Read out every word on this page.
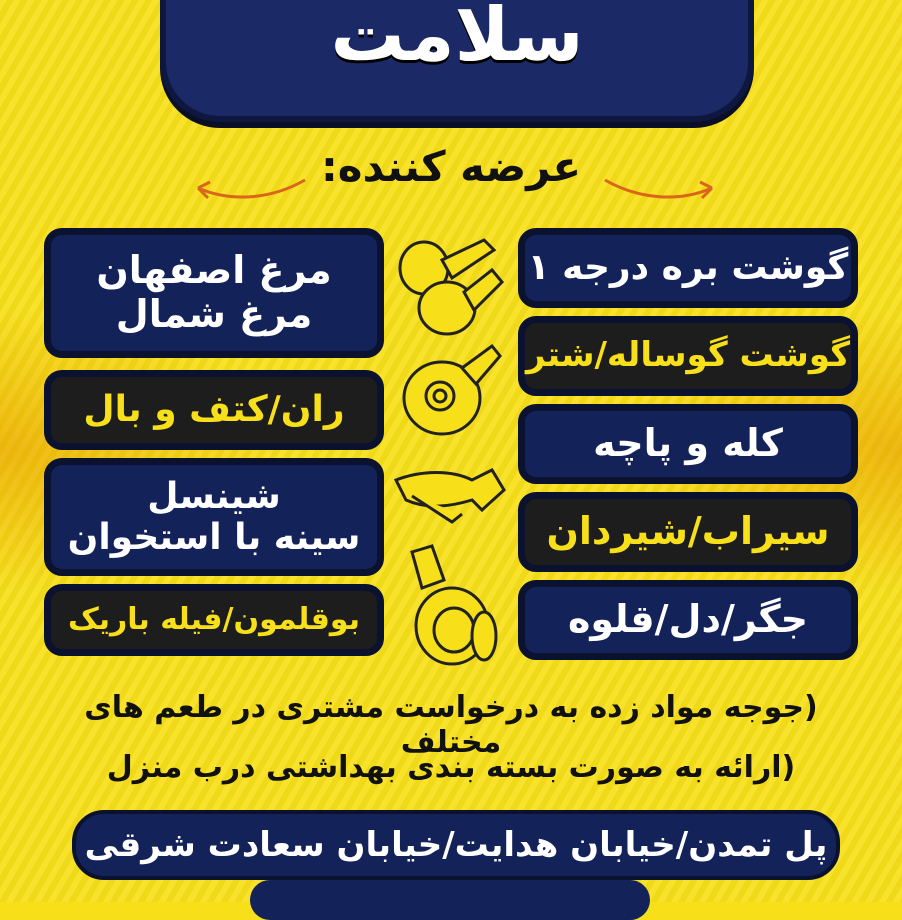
سلامت
عرضه کننده:
گوشت بره درجه ۱
گوشت گوساله/شتر
کله و پاچه
سیراب/شیردان
جگر/دل/قلوه
مرغ اصفهان
مرغ شمال
ران/کتف و بال
شینسل
سینه با استخوان
بوقلمون/فیله باریک
(جوجه مواد زده به درخواست مشتری در طعم های مختلف
(ارائه به صورت بسته بندی بهداشتی درب منزل
پل تمدن/خیابان هدایت/خیابان سعادت شرقی
